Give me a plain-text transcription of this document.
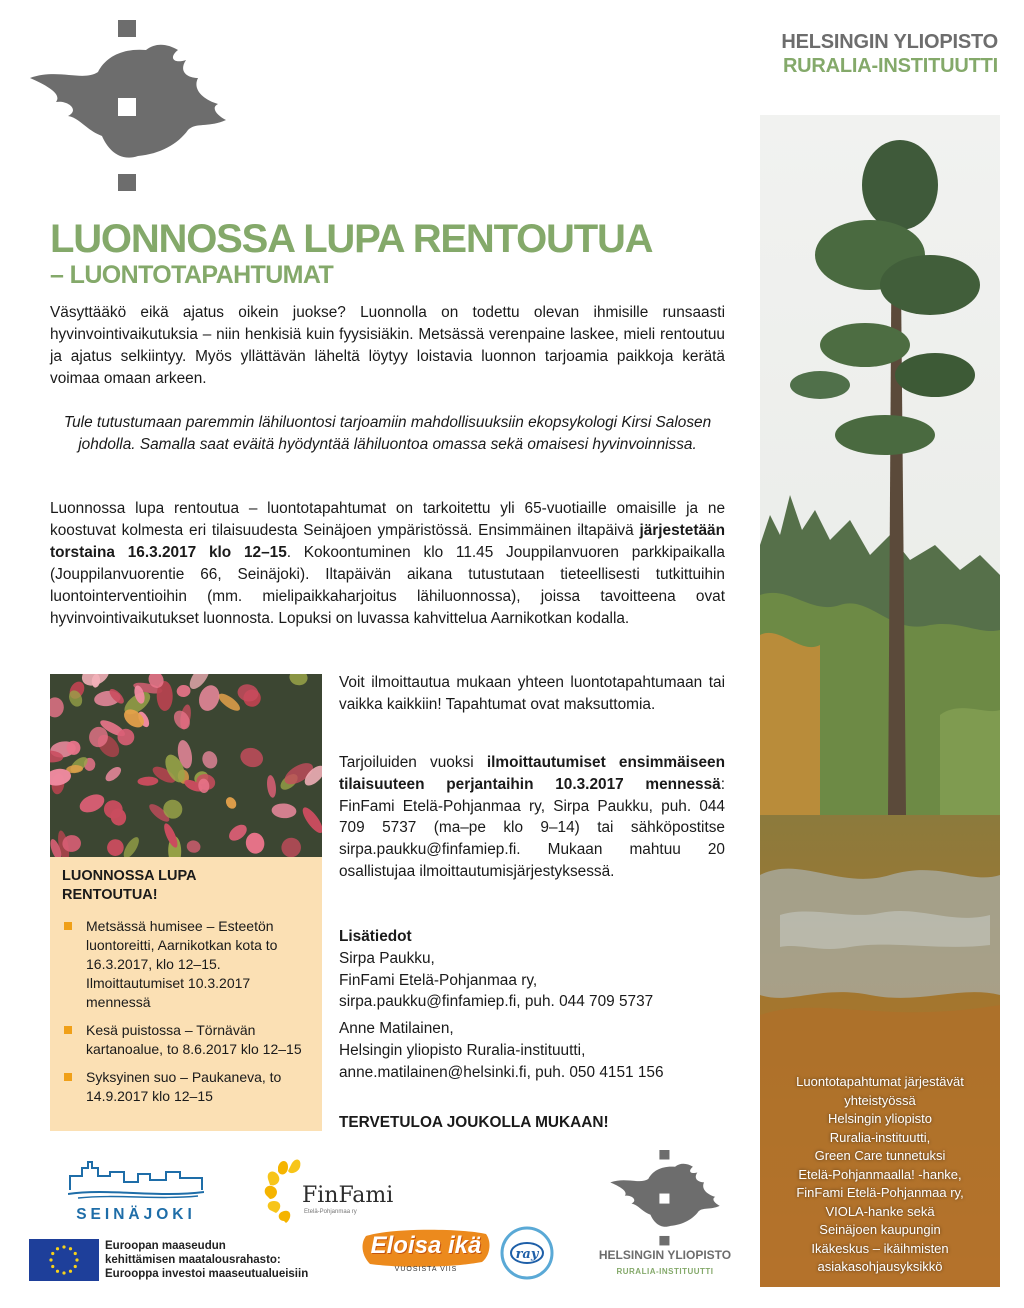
HELSINGIN YLIOPISTO
RURALIA-INSTITUUTTI
Luontotapahtumat järjestävät
yhteistyössä
Helsingin yliopisto
Ruralia-instituutti,
Green Care tunnetuksi
Etelä-Pohjanmaalla! -hanke,
FinFami Etelä-Pohjanmaa ry,
VIOLA-hanke sekä
Seinäjoen kaupungin
Ikäkeskus – ikäihmisten
asiakasohjausyksikkö
LUONNOSSA LUPA RENTOUTUA
– LUONTOTAPAHTUMAT
Väsyttääkö eikä ajatus oikein juokse? Luonnolla on todettu olevan ihmisille runsaasti hyvinvointivaikutuksia – niin henkisiä kuin fyysisiäkin. Metsässä verenpaine laskee, mieli rentoutuu ja ajatus selkiintyy. Myös yllättävän läheltä löytyy loistavia luonnon tarjoamia paikkoja kerätä voimaa omaan arkeen.
Tule tutustumaan paremmin lähiluontosi tarjoamiin mahdollisuuksiin ekopsykologi Kirsi Salosen johdolla. Samalla saat eväitä hyödyntää lähiluontoa omassa sekä omaisesi hyvinvoinnissa.
Luonnossa lupa rentoutua – luontotapahtumat on tarkoitettu yli 65-vuotiaille omaisille ja ne koostuvat kolmesta eri tilaisuudesta Seinäjoen ympäristössä. Ensimmäinen iltapäivä järjestetään torstaina 16.3.2017 klo 12–15. Kokoontuminen klo 11.45 Jouppilanvuoren parkkipaikalla (Jouppilanvuorentie 66, Seinäjoki). Iltapäivän aikana tutustutaan tieteellisesti tutkittuihin luontointerventioihin (mm. mielipaikkaharjoitus lähiluonnossa), joissa tavoitteena ovat hyvinvointivaikutukset luonnosta. Lopuksi on luvassa kahvittelua Aarnikotkan kodalla.
LUONNOSSA LUPA RENTOUTUA!
Metsässä humisee – Esteetön luontoreitti, Aarnikotkan kota to 16.3.2017, klo 12–15. Ilmoittautumiset 10.3.2017 mennessä
Kesä puistossa – Törnävän kartanoalue, to 8.6.2017 klo 12–15
Syksyinen suo – Paukaneva, to 14.9.2017 klo 12–15
Voit ilmoittautua mukaan yhteen luontotapahtumaan tai vaikka kaikkiin! Tapahtumat ovat maksuttomia.
Tarjoiluiden vuoksi ilmoittautumiset ensimmäiseen tilaisuuteen perjantaihin 10.3.2017 mennessä: FinFami Etelä-Pohjanmaa ry, Sirpa Paukku, puh. 044 709 5737 (ma–pe klo 9–14) tai sähköpostitse sirpa.paukku@finfamiep.fi. Mukaan mahtuu 20 osallistujaa ilmoittautumisjärjestyksessä.
Lisätiedot
Sirpa Paukku,
FinFami Etelä-Pohjanmaa ry,
sirpa.paukku@finfamiep.fi, puh. 044 709 5737
Anne Matilainen,
Helsingin yliopisto Ruralia-instituutti,
anne.matilainen@helsinki.fi, puh. 050 4151 156
TERVETULOA JOUKOLLA MUKAAN!
SEINÄJOKI
FinFami
Etelä-Pohjanmaa ry
Euroopan maaseudun
kehittämisen maatalousrahasto:
Eurooppa investoi maaseutualueisiin
Eloisa ikä
VUOSISTA VIIS
ray	HELSINGIN YLIOPISTO
RURALIA-INSTITUUTTI
